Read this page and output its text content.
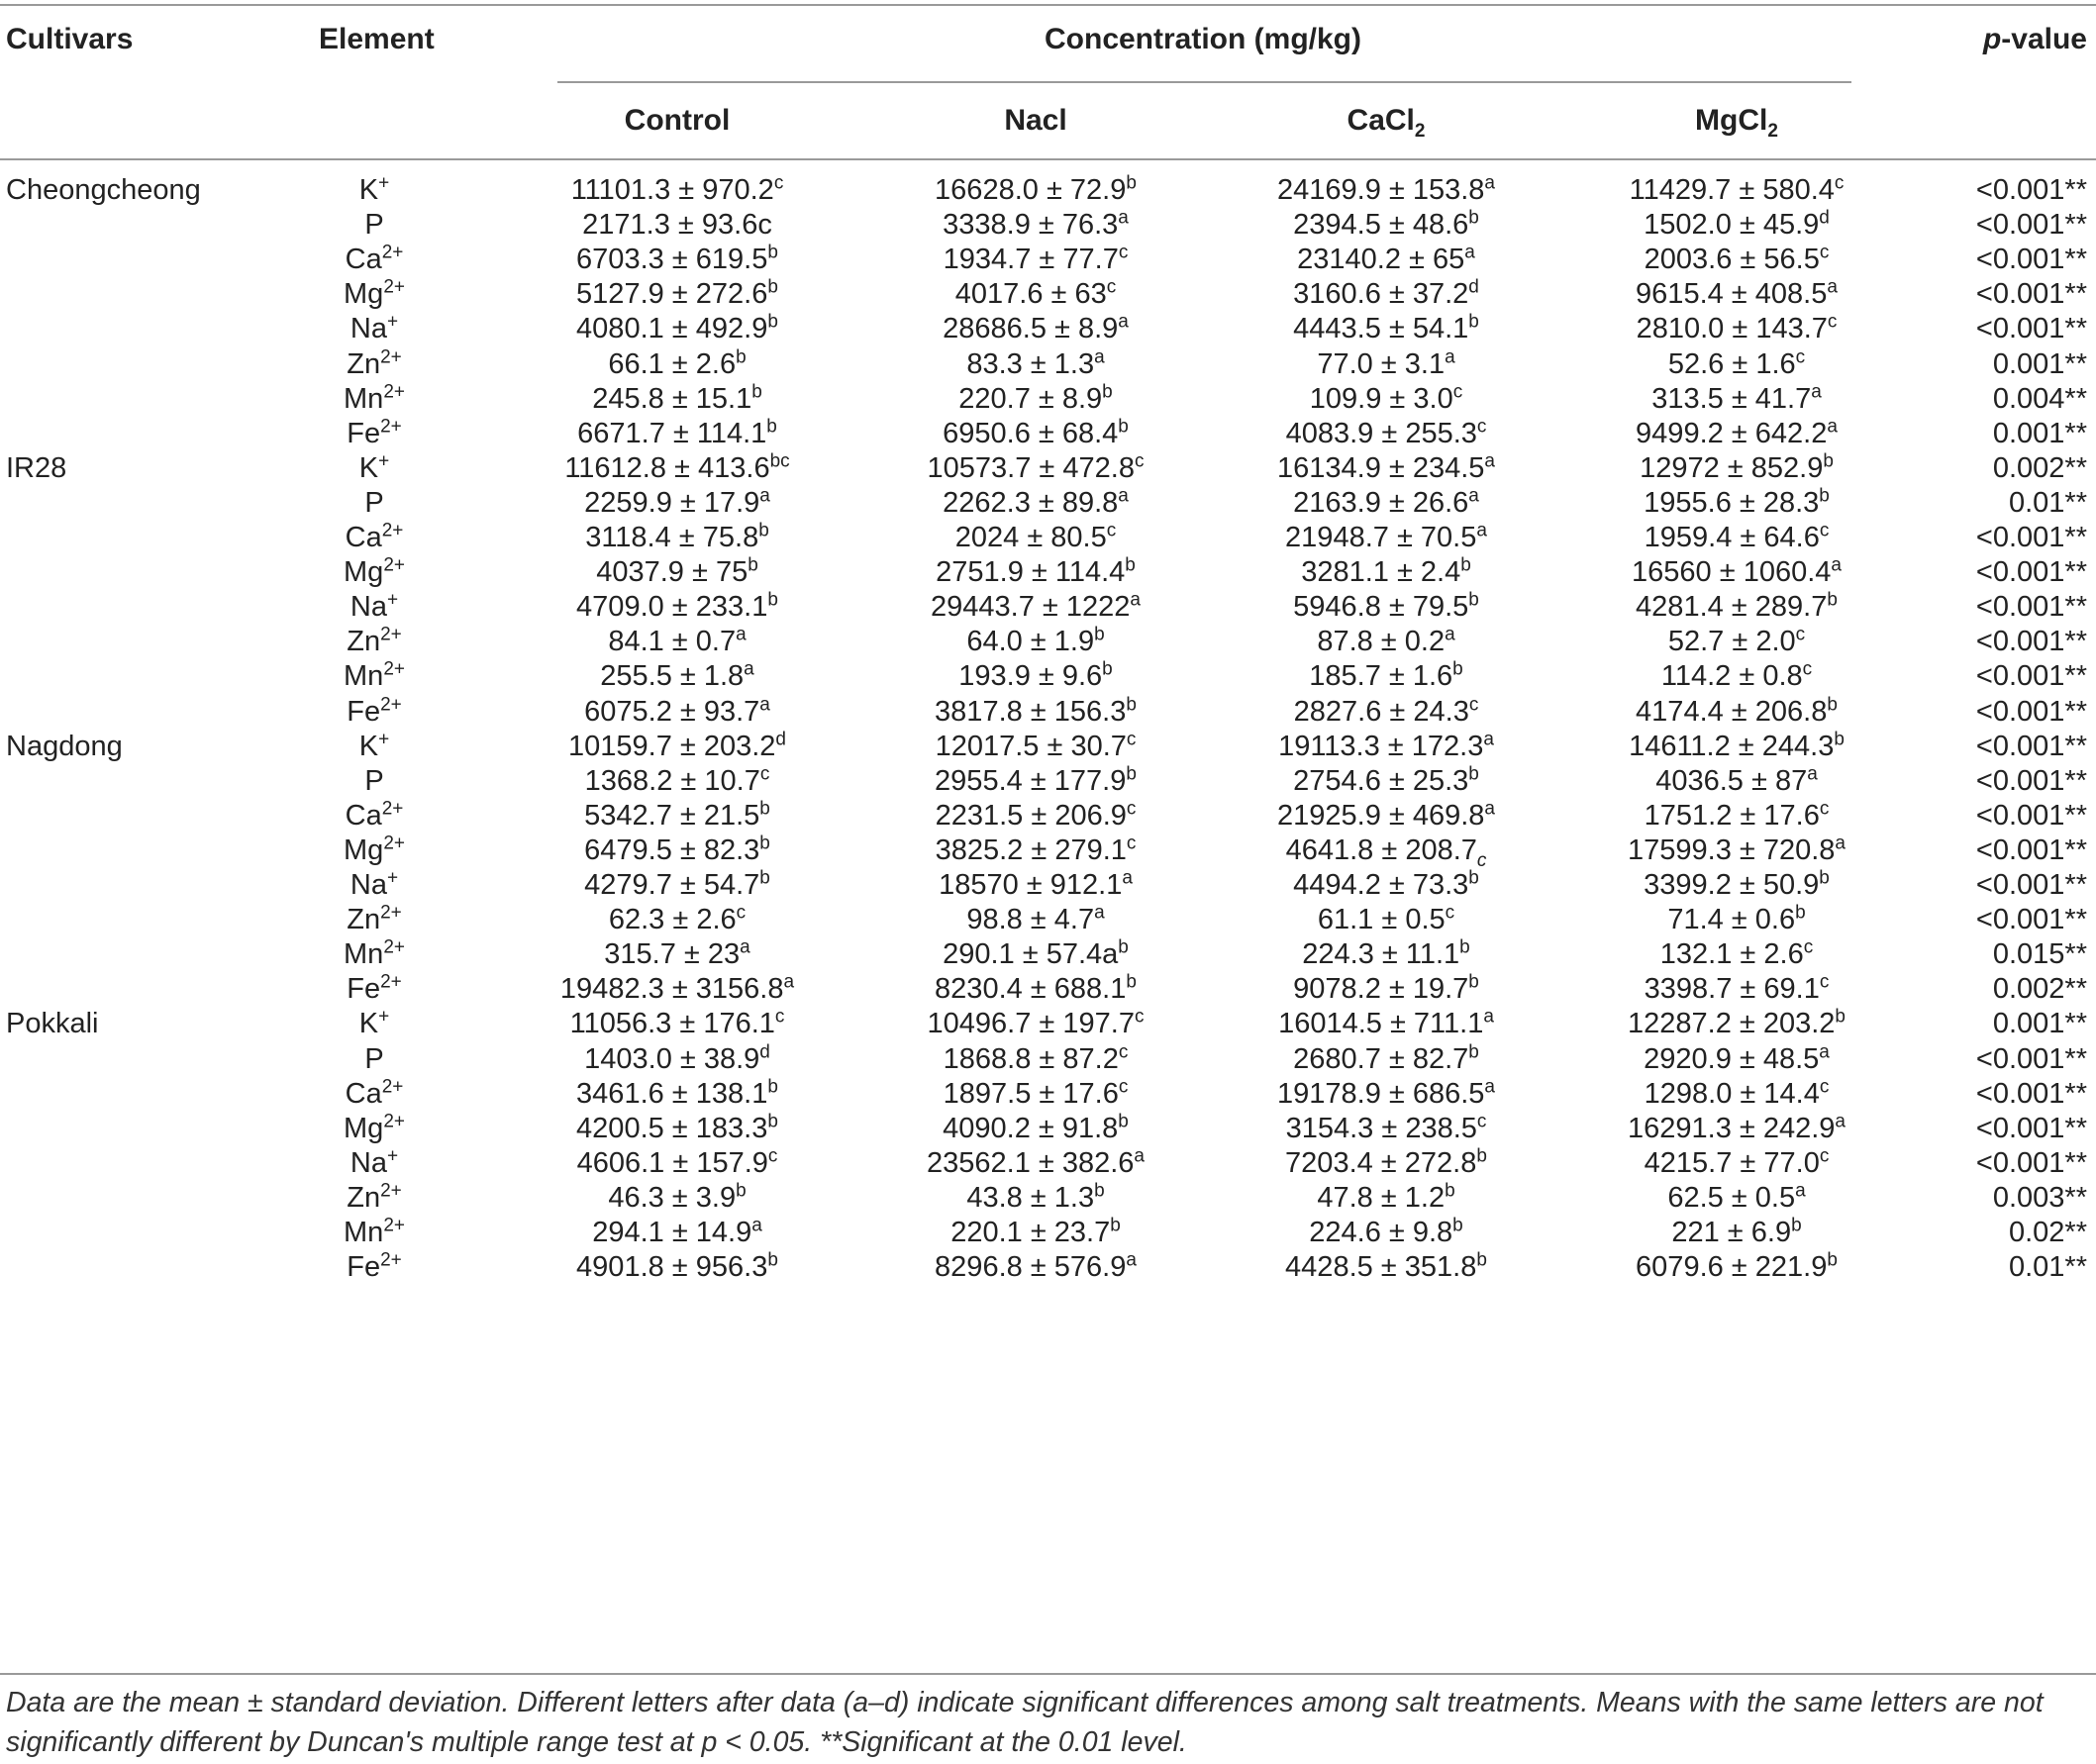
Cultivars	Element	Concentration (mg/kg)	p-value
Control	Nacl	CaCl$_2$	MgCl$_2$
Cheongcheong	K+	11101.3 ± 970.2$^c$	16628.0 ± 72.9$^b$	24169.9 ± 153.8$^a$	11429.7 ± 580.4$^c$	<0.001**
P	2171.3 ± 93.6c	3338.9 ± 76.3$^a$	2394.5 ± 48.6$^b$	1502.0 ± 45.9$^d$	<0.001**
$Ca^{2+}$	6703.3 ± 619.5$^b$	1934.7 ± 77.7$^c$	$23140.2 \pm 65^a$	2003.6 ± 56.5$^c$	<0.001**
$Mg^{2+}$	5127.9 ± 272.6$^b$	$4017.6 \pm 63^c$	3160.6 ± 37.2$^d$	9615.4 ± 408.5$^a$	<0.001**
Na+	4080.1 ± 492.9$^b$	28686.5 ± 8.9$^a$	4443.5 ± 54.1$^b$	2810.0 ± 143.7$^c$	<0.001**
$Zn^{2+}$	66.1 ± 2.6$^b$	83.3 ± 1.3$^a$	77.0 ± 3.1$^a$	52.6 ± 1.6$^c$	0.001**
$Mn^{2+}$	245.8 ± 15.1$^b$	220.7 ± 8.9$^b$	109.9 ± 3.0$^c$	313.5 ± 41.7$^a$	0.004**
$Fe^{2+}$	6671.7 ± 114.1$^b$	6950.6 ± 68.4$^b$	4083.9 ± 255.3$^c$	9499.2 ± 642.2$^a$	0.001**
IR28	K+	11612.8 ± 413.6$^{bc}$	10573.7 ± 472.8$^c$	16134.9 ± 234.5$^a$	12972 ± 852.9$^b$	0.002**
P	2259.9 ± 17.9$^a$	2262.3 ± 89.8$^a$	2163.9 ± 26.6$^a$	1955.6 ± 28.3$^b$	0.01**
$Ca^{2+}$	3118.4 ± 75.8$^b$	2024 ± 80.5$^c$	21948.7 ± 70.5$^a$	1959.4 ± 64.6$^c$	<0.001**
$Mg^{2+}$	$4037.9 \pm 75^b$	2751.9 ± 114.4$^b$	3281.1 ± 2.4$^b$	16560 ± 1060.4$^a$	<0.001**
Na+	4709.0 ± 233.1$^b$	$29443.7 \pm 1222^a$	5946.8 ± 79.5$^b$	4281.4 ± 289.7$^b$	<0.001**
$Zn^{2+}$	84.1 ± 0.7$^a$	64.0 ± 1.9$^b$	87.8 ± 0.2$^a$	52.7 ± 2.0$^c$	<0.001**
$Mn^{2+}$	255.5 ± 1.8$^a$	193.9 ± 9.6$^b$	185.7 ± 1.6$^b$	114.2 ± 0.8$^c$	<0.001**
$Fe^{2+}$	6075.2 ± 93.7$^a$	3817.8 ± 156.3$^b$	2827.6 ± 24.3$^c$	4174.4 ± 206.8$^b$	<0.001**
Nagdong	K+	10159.7 ± 203.2$^d$	12017.5 ± 30.7$^c$	19113.3 ± 172.3$^a$	14611.2 ± 244.3$^b$	<0.001**
P	1368.2 ± 10.7$^c$	2955.4 ± 177.9$^b$	2754.6 ± 25.3$^b$	$4036.5 \pm 87^a$	<0.001**
$Ca^{2+}$	5342.7 ± 21.5$^b$	2231.5 ± 206.9$^c$	21925.9 ± 469.8$^a$	1751.2 ± 17.6$^c$	<0.001**
$Mg^{2+}$	6479.5 ± 82.3$^b$	3825.2 ± 279.1$^c$	$4641.8 \pm 208.7_c$	17599.3 ± 720.8$^a$	<0.001**
Na+	4279.7 ± 54.7$^b$	18570 ± 912.1$^a$	4494.2 ± 73.3$^b$	3399.2 ± 50.9$^b$	<0.001**
$Zn^{2+}$	62.3 ± 2.6$^c$	98.8 ± 4.7$^a$	61.1 ± 0.5$^c$	71.4 ± 0.6$^b$	<0.001**
$Mn^{2+}$	$315.7 \pm 23^a$	$290.1 \pm 57.4a^b$	224.3 ± 11.1$^b$	132.1 ± 2.6$^c$	0.015**
$Fe^{2+}$	19482.3 ± 3156.8$^a$	8230.4 ± 688.1$^b$	9078.2 ± 19.7$^b$	3398.7 ± 69.1$^c$	0.002**
Pokkali	K+	11056.3 ± 176.1$^c$	10496.7 ± 197.7$^c$	16014.5 ± 711.1$^a$	12287.2 ± 203.2$^b$	0.001**
P	1403.0 ± 38.9$^d$	1868.8 ± 87.2$^c$	2680.7 ± 82.7$^b$	2920.9 ± 48.5$^a$	<0.001**
$Ca^{2+}$	3461.6 ± 138.1$^b$	1897.5 ± 17.6$^c$	19178.9 ± 686.5$^a$	1298.0 ± 14.4$^c$	<0.001**
$Mg^{2+}$	4200.5 ± 183.3$^b$	4090.2 ± 91.8$^b$	3154.3 ± 238.5$^c$	16291.3 ± 242.9$^a$	<0.001**
Na+	4606.1 ± 157.9$^c$	23562.1 ± 382.6$^a$	7203.4 ± 272.8$^b$	4215.7 ± 77.0$^c$	<0.001**
$Zn^{2+}$	46.3 ± 3.9$^b$	43.8 ± 1.3$^b$	47.8 ± 1.2$^b$	62.5 ± 0.5$^a$	0.003**
$Mn^{2+}$	294.1 ± 14.9$^a$	220.1 ± 23.7$^b$	224.6 ± 9.8$^b$	221 ± 6.9$^b$	0.02**
$Fe^{2+}$	4901.8 ± 956.3$^b$	8296.8 ± 576.9$^a$	4428.5 ± 351.8$^b$	6079.6 ± 221.9$^b$	0.01**
Data are the mean ± standard deviation. Different letters after data (a–d) indicate significant differences among salt treatments. Means with the same letters are not significantly different by Duncan's multiple range test at p < 0.05. **Significant at the 0.01 level.
